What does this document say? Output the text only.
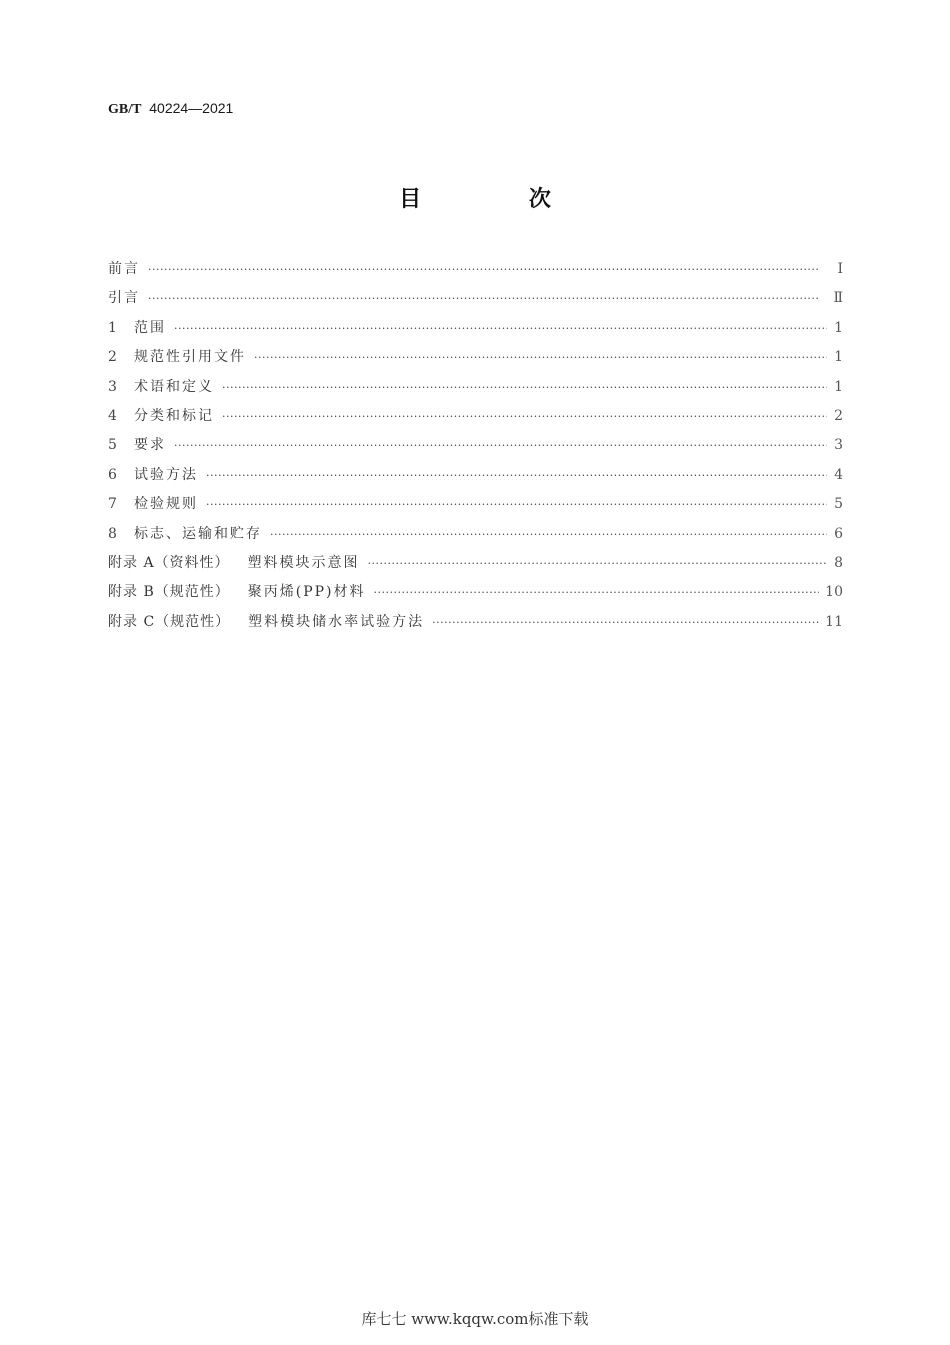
GB/T 40224—2021
目 次
前言 ·····	Ⅰ
引言 ·····	Ⅱ
1	范围 ·····	1
2	规范性引用文件 ·····	1
3	术语和定义 ·····	1
4	分类和标记 ·····	2
5	要求 ·····	3
6	试验方法 ·····	4
7	检验规则 ·····	5
8	标志、运输和贮存 ·····	6
附录 A（资料性） 塑料模块示意图 ·····	8
附录 B（规范性） 聚丙烯(PP)材料 ·····	10
附录 C（规范性） 塑料模块储水率试验方法 ·····	11
库七七 www.kqqw.com标准下载
